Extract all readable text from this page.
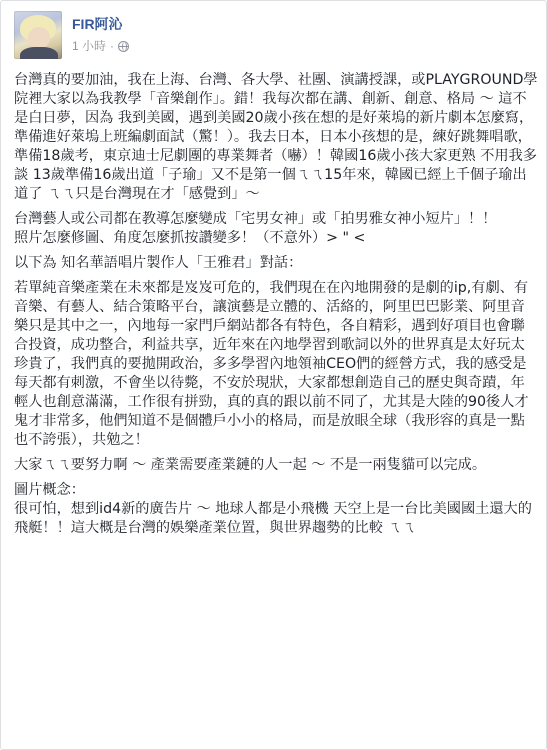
FIR阿沁
1 小時 ·

台灣真的要加油，我在上海、台灣、各大學、社團、演講授課，或PLAYGROUND學院裡大家以為我教學「音樂創作」。錯！我每次都在講、創新、創意、格局 ～ 這不是白日夢，因為 我到美國，遇到美國20歲小孩在想的是好萊塢的新片劇本怎麼寫，準備進好萊塢上班編劇面試（驚！）。我去日本，日本小孩想的是，練好跳舞唱歌，準備18歲考，東京迪士尼劇團的專業舞者（嚇）！韓國16歲小孩大家更熟 不用我多談 13歲準備16歲出道「子瑜」又不是第一個ㄟㄟ15年來，韓國已經上千個子瑜出道了 ㄟㄟ只是台灣現在才「感覺到」～

台灣藝人或公司都在教導怎麼變成「宅男女神」或「拍男雅女神小短片」！！
照片怎麼修圖、角度怎麼抓按讚變多！（不意外）> " <

以下為 知名華語唱片製作人「王雅君」對話：

若單純音樂產業在未來都是岌岌可危的，我們現在在內地開發的是劇的ip,有劇、有音樂、有藝人、結合策略平台，讓演藝是立體的、活絡的，阿里巴巴影業、阿里音樂只是其中之一，內地每一家門戶網站都各有特色，各自精彩，遇到好項目也會聯合投資，成功整合，利益共享，近年來在內地學習到歌詞以外的世界真是太好玩太珍貴了，我們真的要拋開政治，多多學習內地領袖CEO們的經營方式，我的感受是每天都有刺激，不會坐以待斃，不安於現狀，大家都想創造自己的歷史與奇蹟，年輕人也創意滿滿，工作很有拼勁，真的真的跟以前不同了，尤其是大陸的90後人才鬼才非常多，他們知道不是個體戶小小的格局，而是放眼全球（我形容的真是一點也不誇張），共勉之！

大家ㄟㄟ要努力啊 ～ 產業需要產業鏈的人一起 ～ 不是一兩隻貓可以完成。

圖片概念：
很可怕，想到id4新的廣告片 ～ 地球人都是小飛機 天空上是一台比美國國土還大的飛艇！！這大概是台灣的娛樂產業位置，與世界趨勢的比較 ㄟㄟ
